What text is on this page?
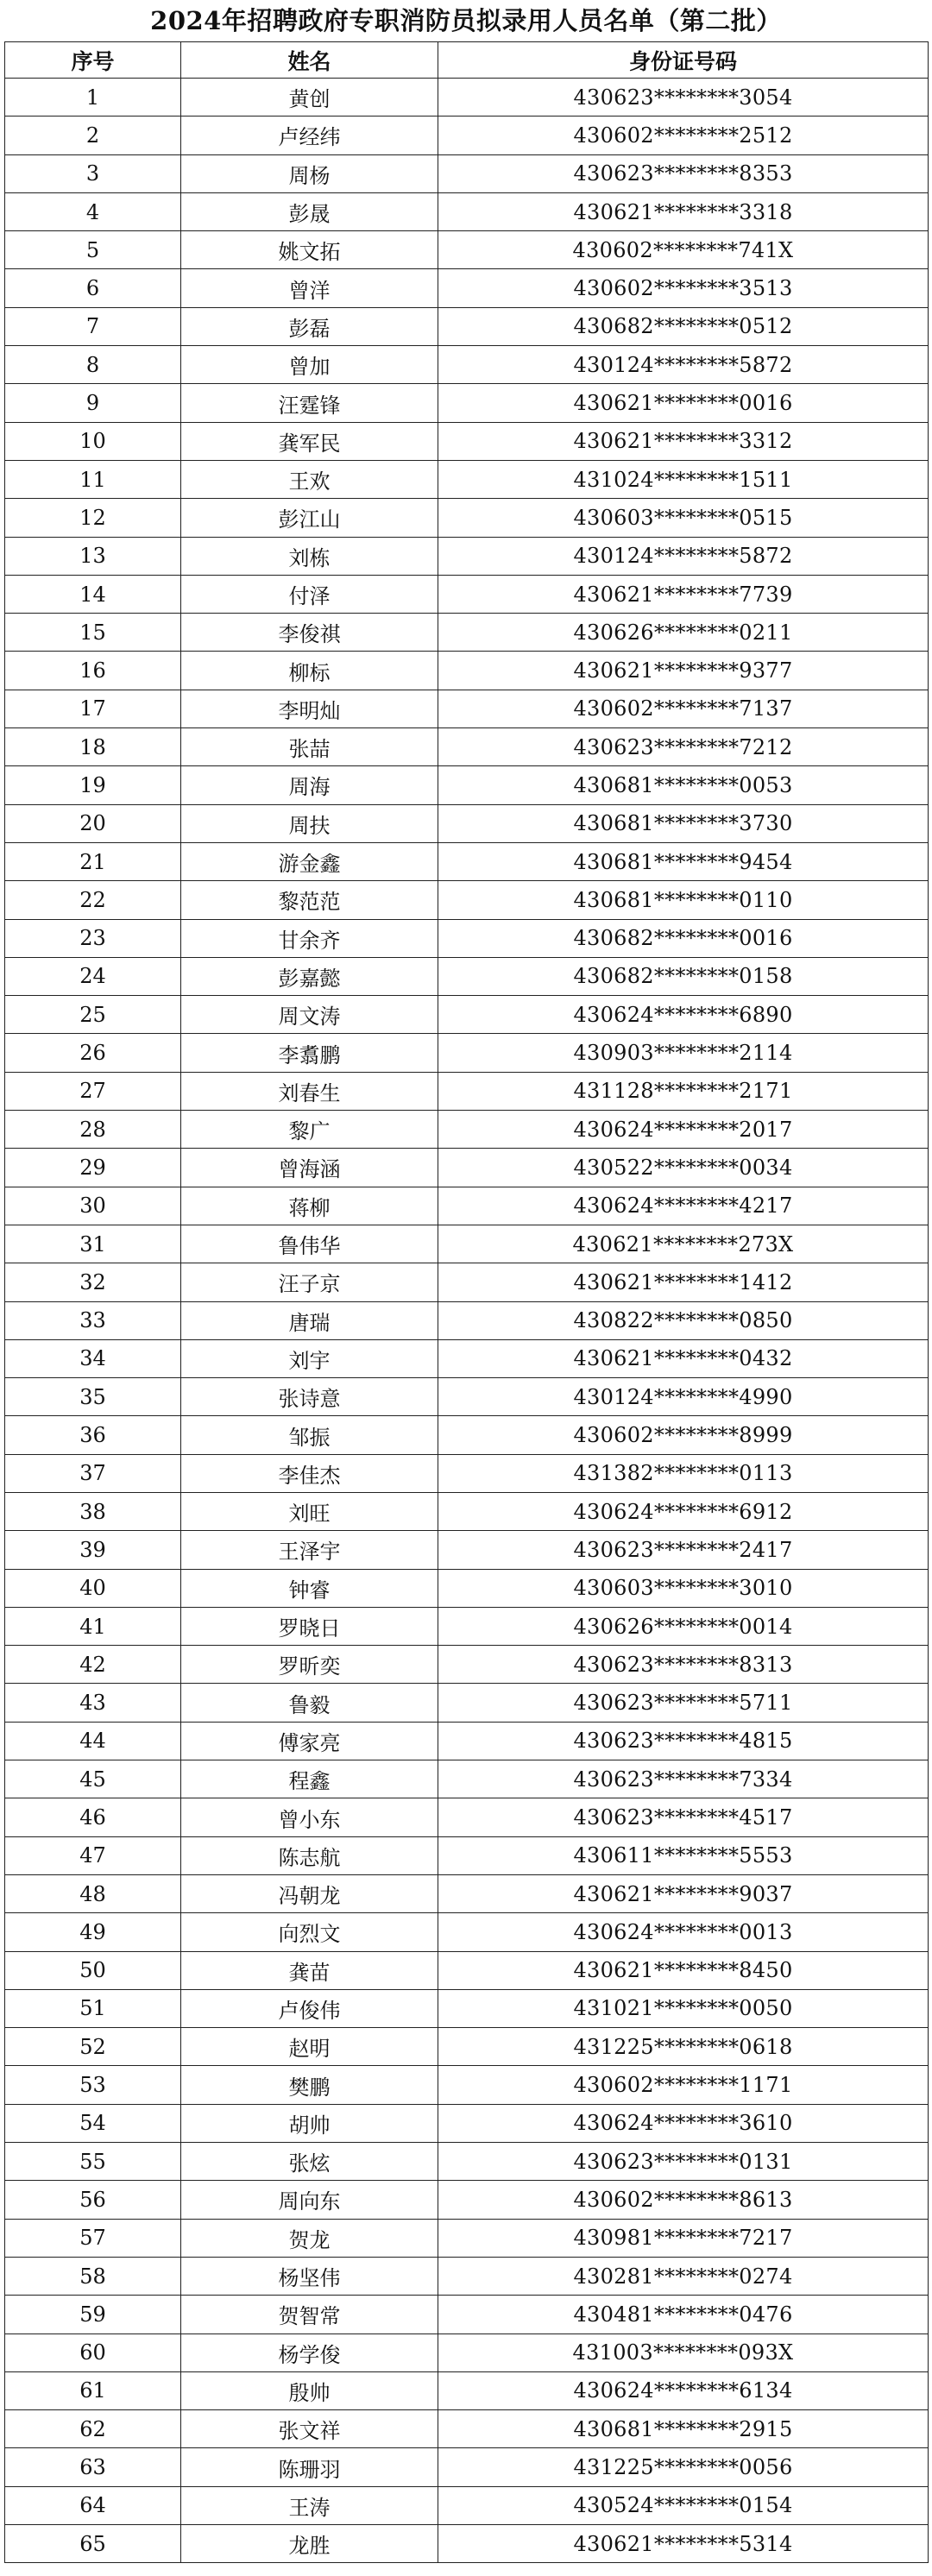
2024年招聘政府专职消防员拟录用人员名单（第二批）
序号	姓名	身份证号码
1	黄创	430623********3054
2	卢经纬	430602********2512
3	周杨	430623********8353
4	彭晟	430621********3318
5	姚文拓	430602********741X
6	曾洋	430602********3513
7	彭磊	430682********0512
8	曾加	430124********5872
9	汪霆锋	430621********0016
10	龚军民	430621********3312
11	王欢	431024********1511
12	彭江山	430603********0515
13	刘栋	430124********5872
14	付泽	430621********7739
15	李俊祺	430626********0211
16	柳标	430621********9377
17	李明灿	430602********7137
18	张喆	430623********7212
19	周海	430681********0053
20	周扶	430681********3730
21	游金鑫	430681********9454
22	黎范范	430681********0110
23	甘余齐	430682********0016
24	彭嘉懿	430682********0158
25	周文涛	430624********6890
26	李翥鹏	430903********2114
27	刘春生	431128********2171
28	黎广	430624********2017
29	曾海涵	430522********0034
30	蒋柳	430624********4217
31	鲁伟华	430621********273X
32	汪子京	430621********1412
33	唐瑞	430822********0850
34	刘宇	430621********0432
35	张诗意	430124********4990
36	邹振	430602********8999
37	李佳杰	431382********0113
38	刘旺	430624********6912
39	王泽宇	430623********2417
40	钟睿	430603********3010
41	罗晓日	430626********0014
42	罗昕奕	430623********8313
43	鲁毅	430623********5711
44	傅家亮	430623********4815
45	程鑫	430623********7334
46	曾小东	430623********4517
47	陈志航	430611********5553
48	冯朝龙	430621********9037
49	向烈文	430624********0013
50	龚苗	430621********8450
51	卢俊伟	431021********0050
52	赵明	431225********0618
53	樊鹏	430602********1171
54	胡帅	430624********3610
55	张炫	430623********0131
56	周向东	430602********8613
57	贺龙	430981********7217
58	杨坚伟	430281********0274
59	贺智常	430481********0476
60	杨学俊	431003********093X
61	殷帅	430624********6134
62	张文祥	430681********2915
63	陈珊羽	431225********0056
64	王涛	430524********0154
65	龙胜	430621********5314
